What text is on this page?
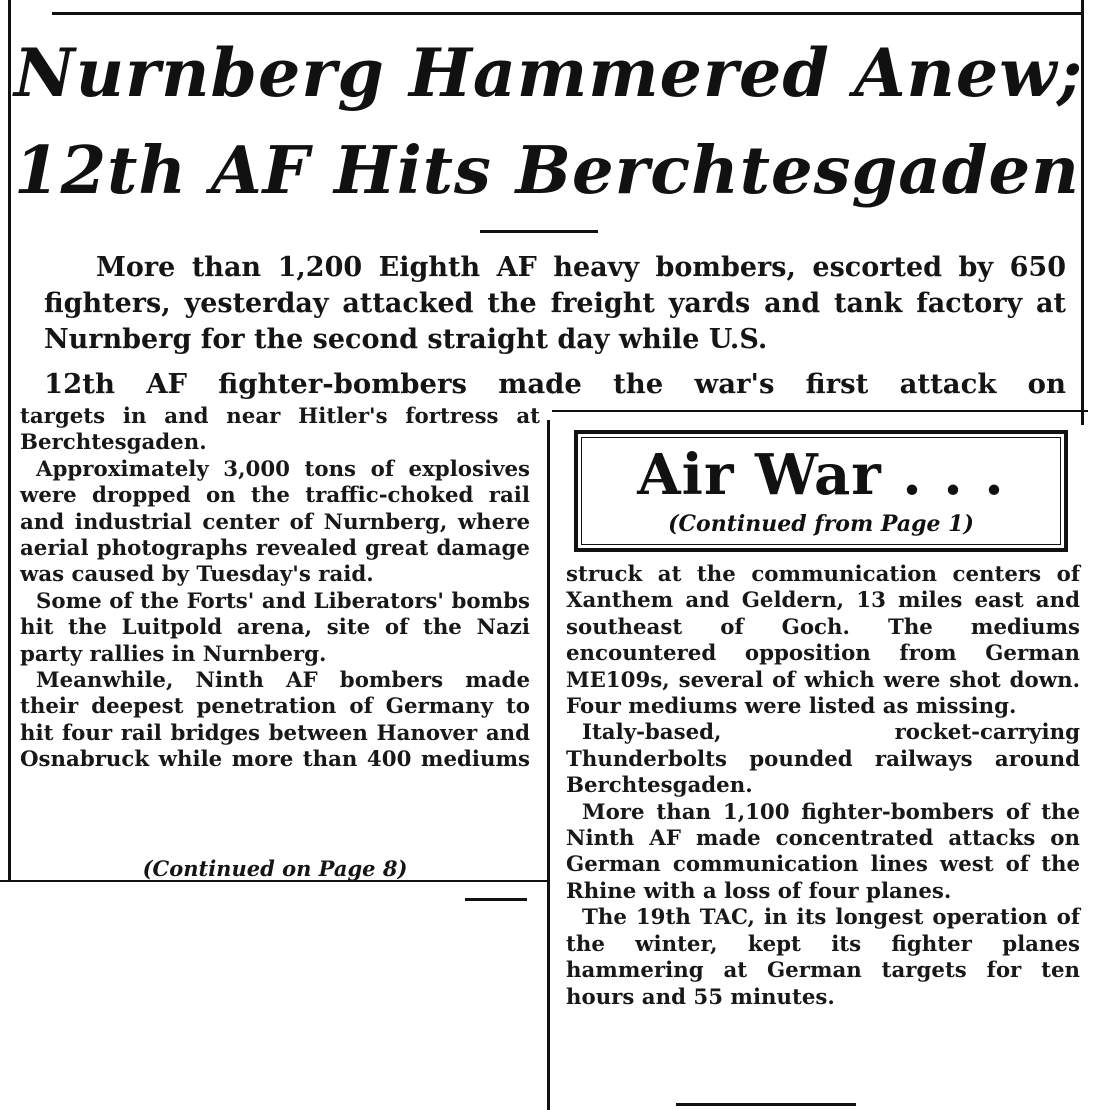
Nurnberg Hammered Anew;
12th AF Hits Berchtesgaden

More than 1,200 Eighth AF heavy bombers, escorted by 650 fighters, yesterday attacked the freight yards and tank factory at Nurnberg for the second straight day while U.S.

12th AF fighter-bombers made the war's first attack on

targets in and near Hitler's fortress at Berchtesgaden.

Approximately 3,000 tons of explosives were dropped on the traffic-choked rail and industrial center of Nurnberg, where aerial photographs revealed great damage was caused by Tuesday's raid.

Some of the Forts' and Liberators' bombs hit the Luitpold arena, site of the Nazi party rallies in Nurnberg.

Meanwhile, Ninth AF bombers made their deepest penetration of Germany to hit four rail bridges between Hanover and Osnabruck while more than 400 mediums

(Continued on Page 8)
Air War . . .
(Continued from Page 1)

struck at the communication centers of Xanthem and Geldern, 13 miles east and southeast of Goch. The mediums encountered opposition from German ME109s, several of which were shot down. Four mediums were listed as missing.

Italy-based, rocket-carrying Thunderbolts pounded railways around Berchtesgaden.

More than 1,100 fighter-bombers of the Ninth AF made concentrated attacks on German communication lines west of the Rhine with a loss of four planes.

The 19th TAC, in its longest operation of the winter, kept its fighter planes hammering at German targets for ten hours and 55 minutes.
